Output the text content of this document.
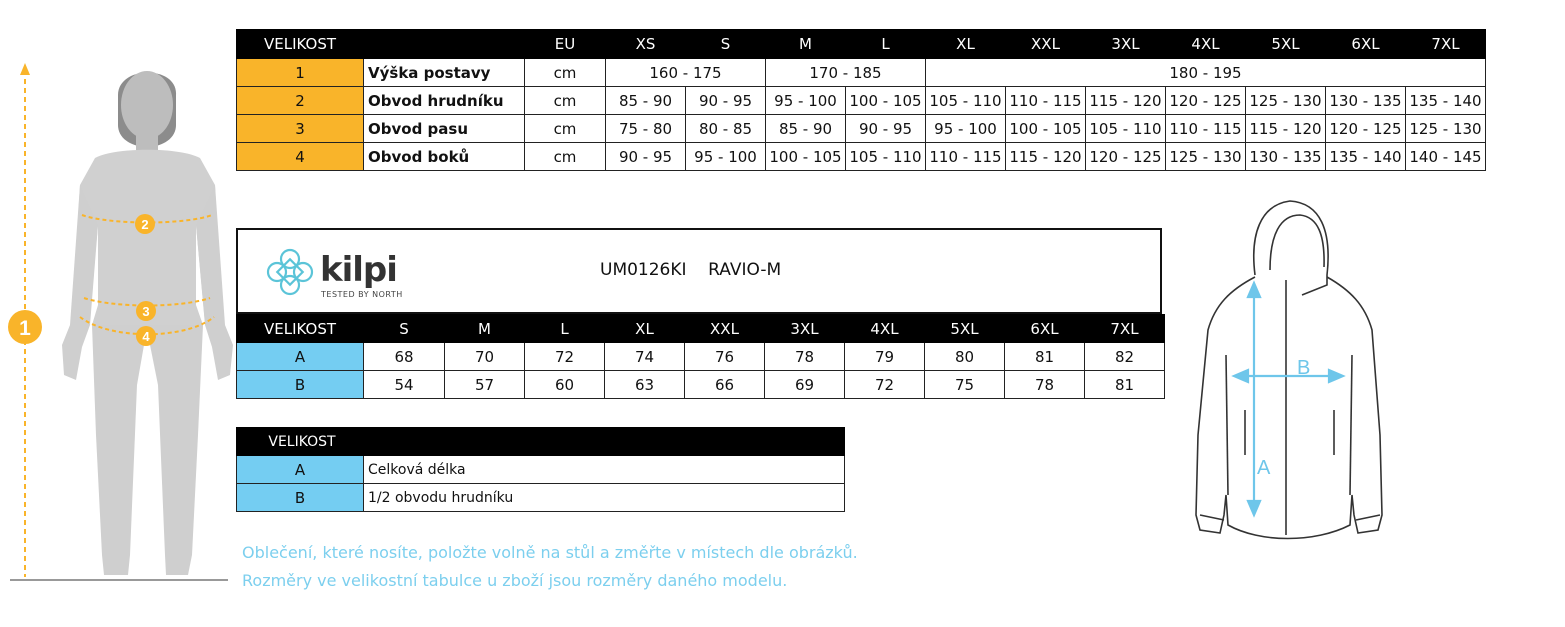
1
2
3
4
VELIKOST		EU	XS	S	M	L	XL	XXL	3XL	4XL	5XL	6XL	7XL
1	Výška postavy	cm	160 - 175		170 - 185		180 - 195						
2	Obvod hrudníku	cm	85 - 90	90 - 95	95 - 100	100 - 105	105 - 110	110 - 115	115 - 120	120 - 125	125 - 130	130 - 135	135 - 140
3	Obvod pasu	cm	75 - 80	80 - 85	85 - 90	90 - 95	95 - 100	100 - 105	105 - 110	110 - 115	115 - 120	120 - 125	125 - 130
4	Obvod boků	cm	90 - 95	95 - 100	100 - 105	105 - 110	110 - 115	115 - 120	120 - 125	125 - 130	130 - 135	135 - 140	140 - 145
kilpi
TESTED BY NORTH
UM0126KI RAVIO-M
VELIKOST	S	M	L	XL	XXL	3XL	4XL	5XL	6XL	7XL
A	68	70	72	74	76	78	79	80	81	82
B	54	57	60	63	66	69	72	75	78	81
VELIKOST	
A	Celková délka
B	1/2 obvodu hrudníku
Oblečení, které nosíte, položte volně na stůl a změřte v místech dle obrázků.
Rozměry ve velikostní tabulce u zboží jsou rozměry daného modelu.
A
B
